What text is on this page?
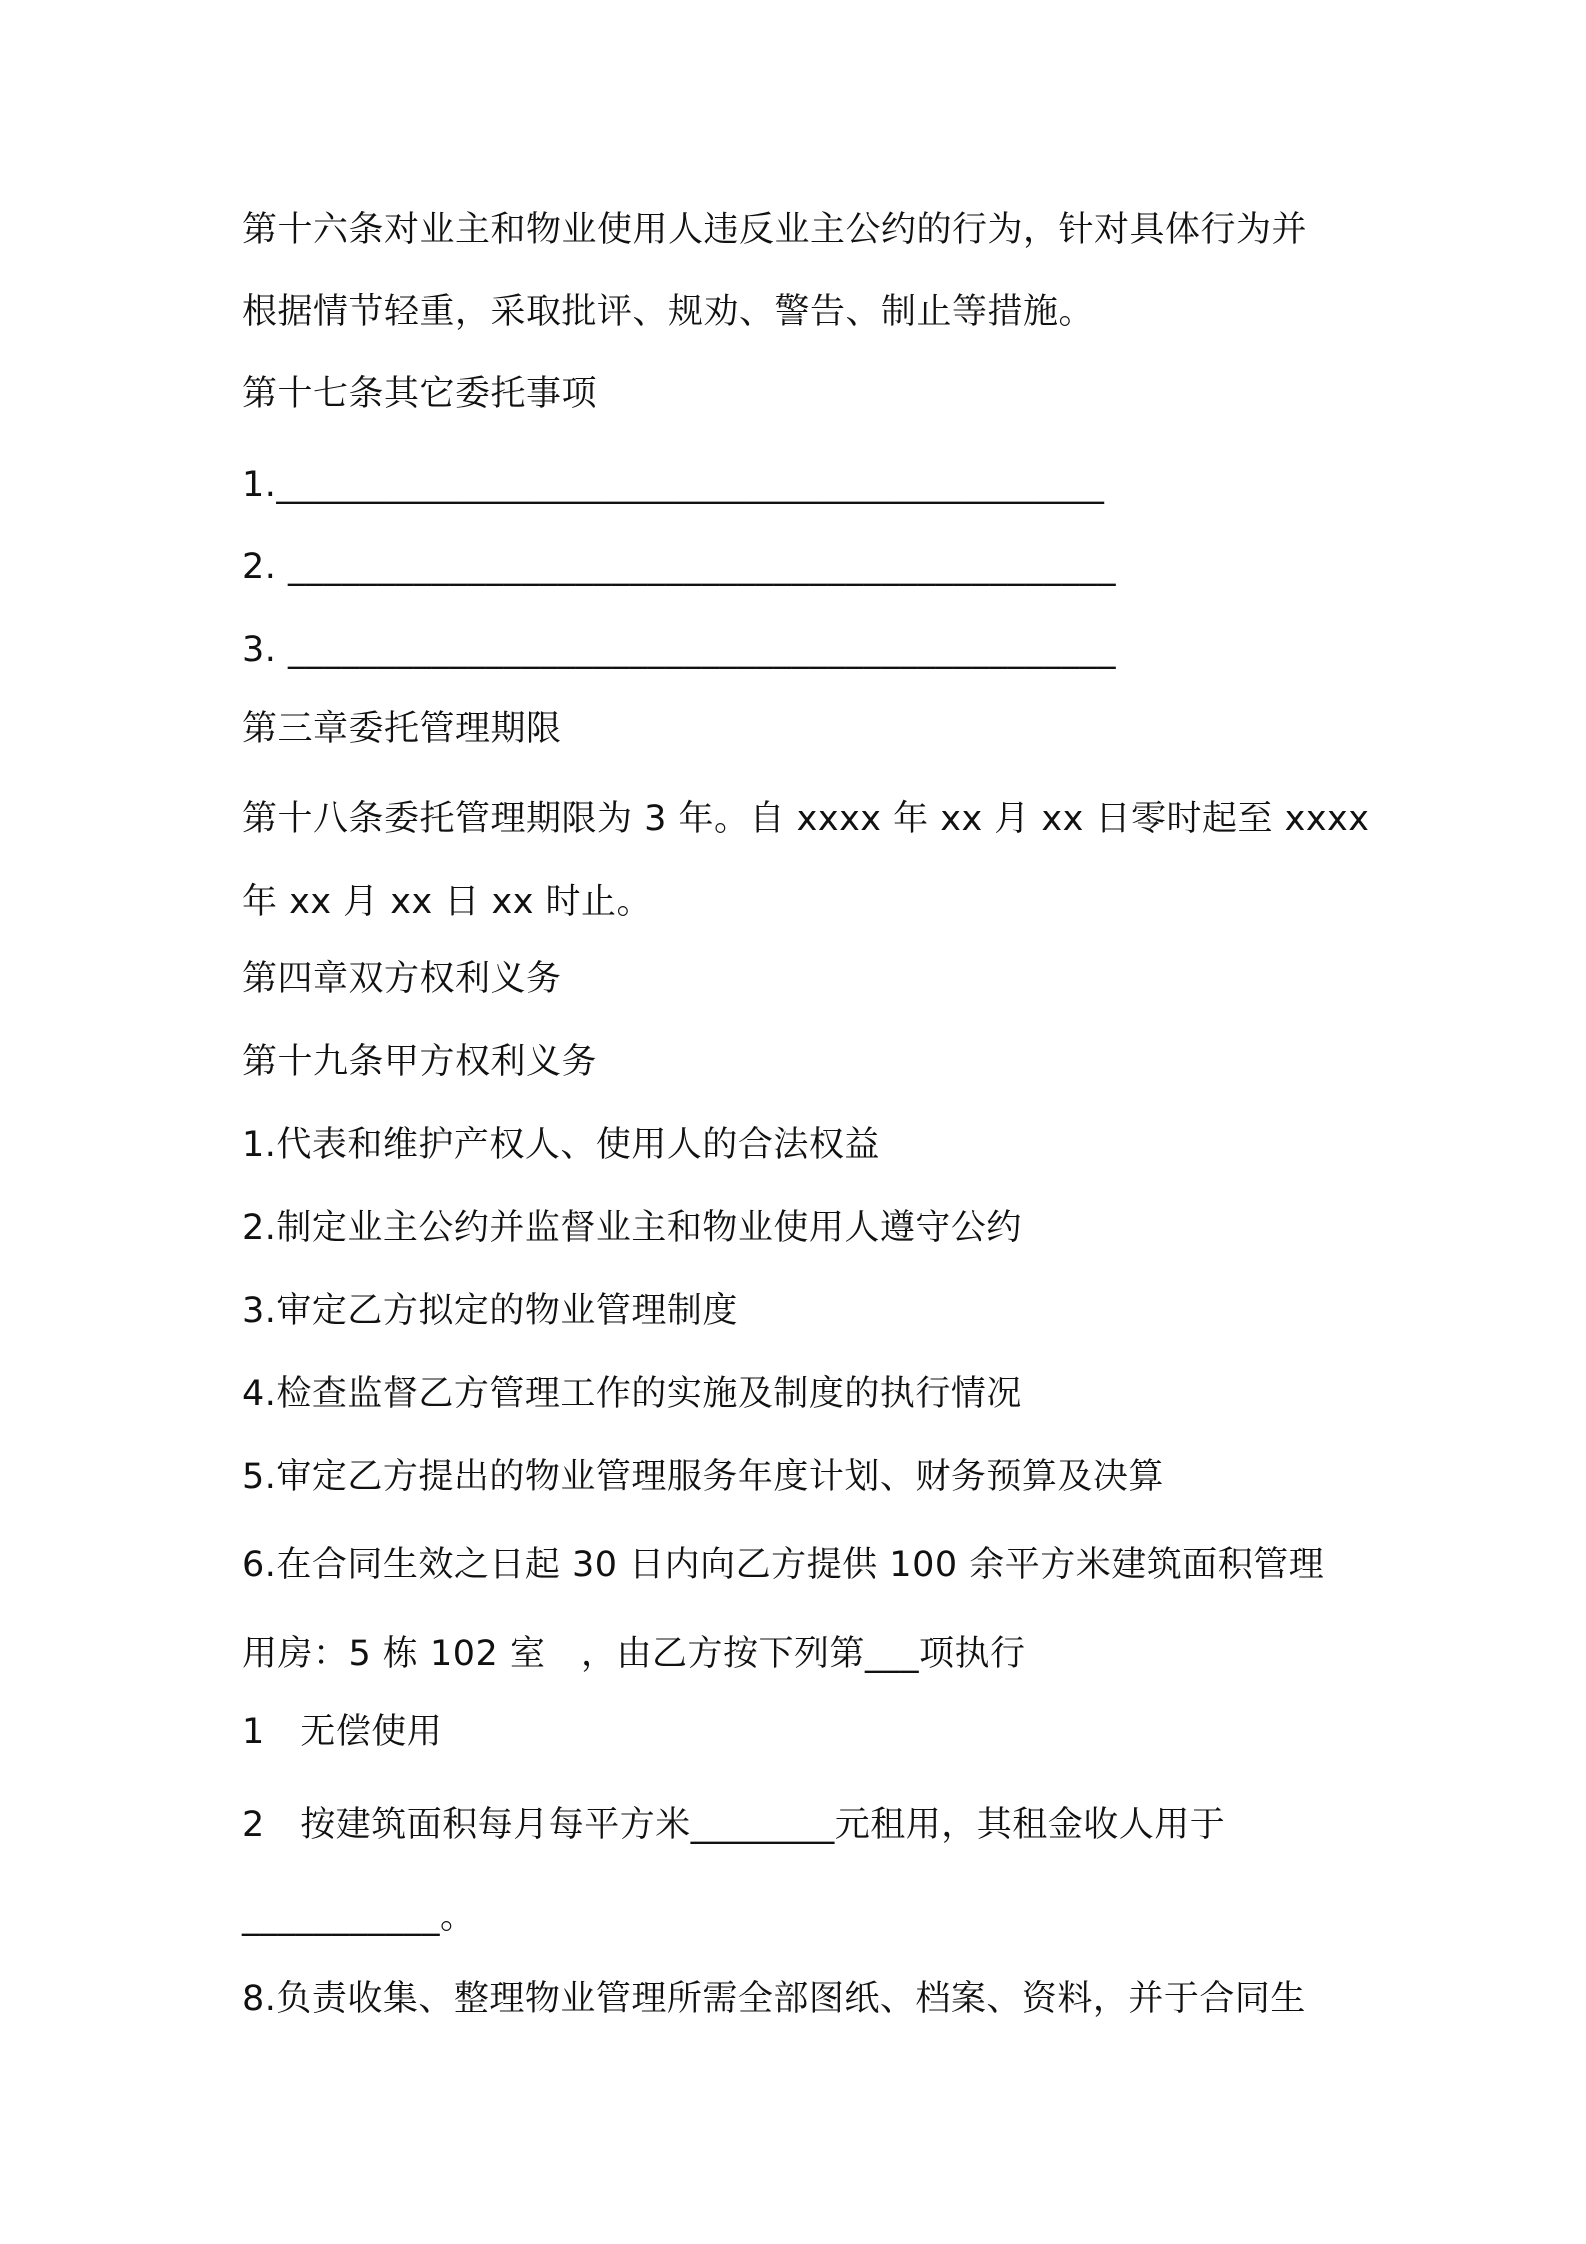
第十六条对业主和物业使用人违反业主公约的行为，针对具体行为并
根据情节轻重，采取批评、规劝、警告、制止等措施。
第十七条其它委托事项
1.______________________________________________
2. ______________________________________________
3. ______________________________________________
第三章委托管理期限
第十八条委托管理期限为 3 年。自 xxxx 年 xx 月 xx 日零时起至 xxxx
年 xx 月 xx 日 xx 时止。
第四章双方权利义务
第十九条甲方权利义务
1.代表和维护产权人、使用人的合法权益
2.制定业主公约并监督业主和物业使用人遵守公约
3.审定乙方拟定的物业管理制度
4.检查监督乙方管理工作的实施及制度的执行情况
5.审定乙方提出的物业管理服务年度计划、财务预算及决算
6.在合同生效之日起 30 日内向乙方提供 100 余平方米建筑面积管理
用房：5 栋 102 室　，由乙方按下列第___项执行
1　无偿使用
2　按建筑面积每月每平方米________元租用，其租金收人用于
___________。
8.负责收集、整理物业管理所需全部图纸、档案、资料，并于合同生
